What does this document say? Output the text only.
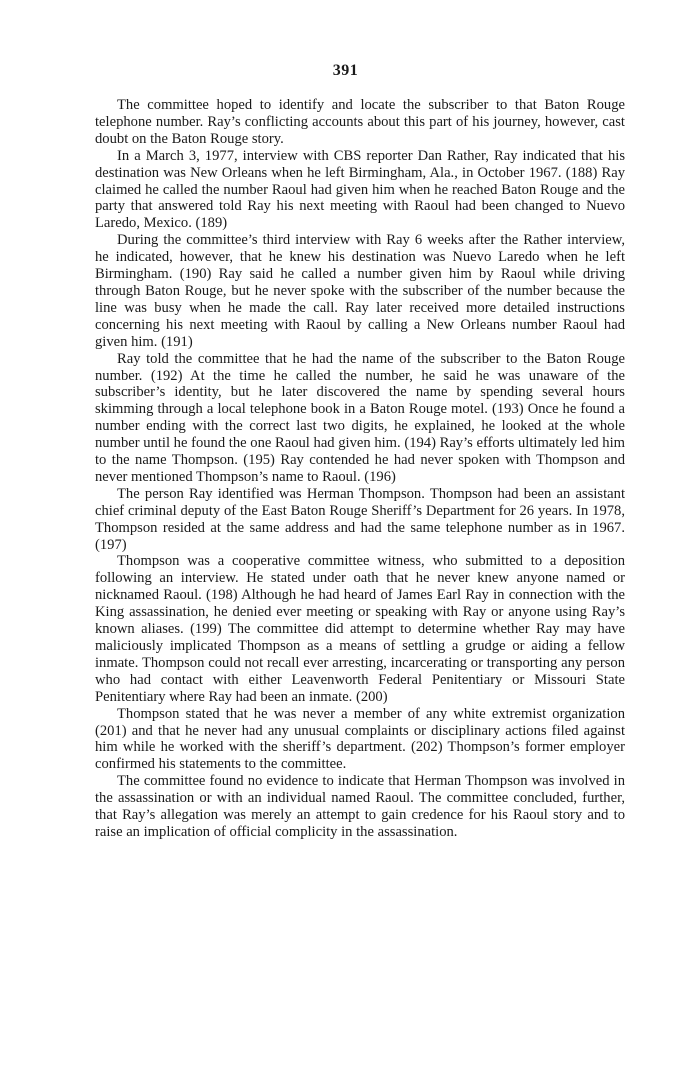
391

The committee hoped to identify and locate the subscriber to that Baton Rouge telephone number. Ray’s conflicting accounts about this part of his journey, however, cast doubt on the Baton Rouge story.

In a March 3, 1977, interview with CBS reporter Dan Rather, Ray indicated that his destination was New Orleans when he left Birmingham, Ala., in October 1967. (188) Ray claimed he called the number Raoul had given him when he reached Baton Rouge and the party that answered told Ray his next meeting with Raoul had been changed to Nuevo Laredo, Mexico. (189)

During the committee’s third interview with Ray 6 weeks after the Rather interview, he indicated, however, that he knew his destination was Nuevo Laredo when he left Birmingham. (190) Ray said he called a number given him by Raoul while driving through Baton Rouge, but he never spoke with the subscriber of the number because the line was busy when he made the call. Ray later received more detailed instructions concerning his next meeting with Raoul by calling a New Orleans number Raoul had given him. (191)

Ray told the committee that he had the name of the subscriber to the Baton Rouge number. (192) At the time he called the number, he said he was unaware of the subscriber’s identity, but he later discovered the name by spending several hours skimming through a local telephone book in a Baton Rouge motel. (193) Once he found a number ending with the correct last two digits, he explained, he looked at the whole number until he found the one Raoul had given him. (194) Ray’s efforts ultimately led him to the name Thompson. (195) Ray contended he had never spoken with Thompson and never mentioned Thompson’s name to Raoul. (196)

The person Ray identified was Herman Thompson. Thompson had been an assistant chief criminal deputy of the East Baton Rouge Sheriff’s Department for 26 years. In 1978, Thompson resided at the same address and had the same telephone number as in 1967. (197)

Thompson was a cooperative committee witness, who submitted to a deposition following an interview. He stated under oath that he never knew anyone named or nicknamed Raoul. (198) Although he had heard of James Earl Ray in connection with the King assassination, he denied ever meeting or speaking with Ray or anyone using Ray’s known aliases. (199) The committee did attempt to determine whether Ray may have maliciously implicated Thompson as a means of settling a grudge or aiding a fellow inmate. Thompson could not recall ever arresting, incarcerating or transporting any person who had contact with either Leavenworth Federal Penitentiary or Missouri State Penitentiary where Ray had been an inmate. (200)

Thompson stated that he was never a member of any white extremist organization (201) and that he never had any unusual complaints or disciplinary actions filed against him while he worked with the sheriff’s department. (202) Thompson’s former employer confirmed his statements to the committee.

The committee found no evidence to indicate that Herman Thompson was involved in the assassination or with an individual named Raoul. The committee concluded, further, that Ray’s allegation was merely an attempt to gain credence for his Raoul story and to raise an implication of official complicity in the assassination.
